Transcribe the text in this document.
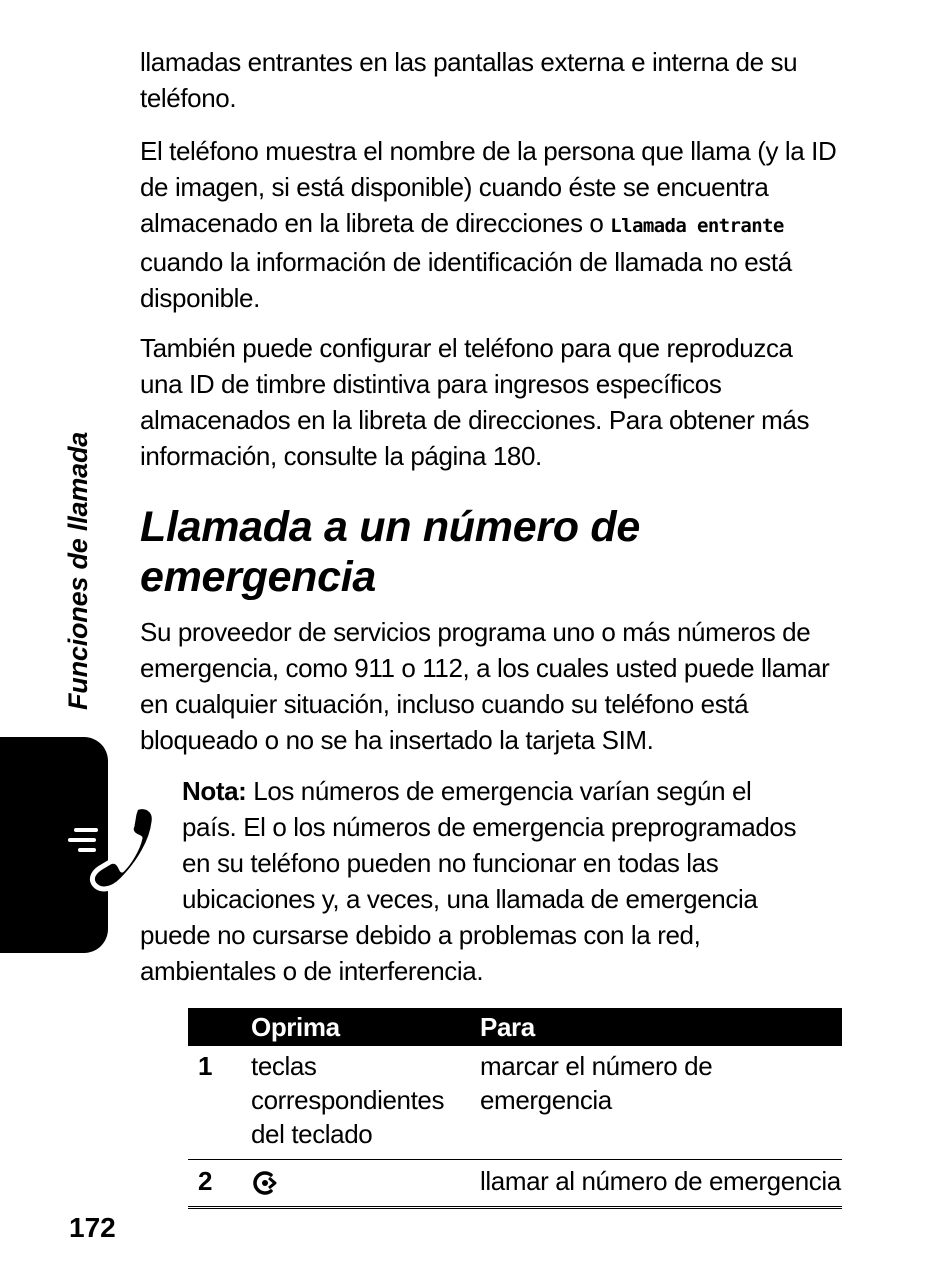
llamadas entrantes en las pantallas externa e interna de su teléfono.

El teléfono muestra el nombre de la persona que llama (y la ID de imagen, si está disponible) cuando éste se encuentra almacenado en la libreta de direcciones o Llamada entrante cuando la información de identificación de llamada no está disponible.

También puede configurar el teléfono para que reproduzca una ID de timbre distintiva para ingresos específicos almacenados en la libreta de direcciones. Para obtener más información, consulte la página 180.

Llamada a un número de
emergencia

Su proveedor de servicios programa uno o más números de emergencia, como 911 o 112, a los cuales usted puede llamar en cualquier situación, incluso cuando su teléfono está bloqueado o no se ha insertado la tarjeta SIM.

Nota: Los números de emergencia varían según el
país. El o los números de emergencia preprogramados
en su teléfono pueden no funcionar en todas las
ubicaciones y, a veces, una llamada de emergencia
puede no cursarse debido a problemas con la red,
ambientales o de interferencia.

Funciones de llamada
	Oprima	Para
1	teclas correspondientes del teclado	marcar el número de emergencia
2		llamar al número de emergencia
172
